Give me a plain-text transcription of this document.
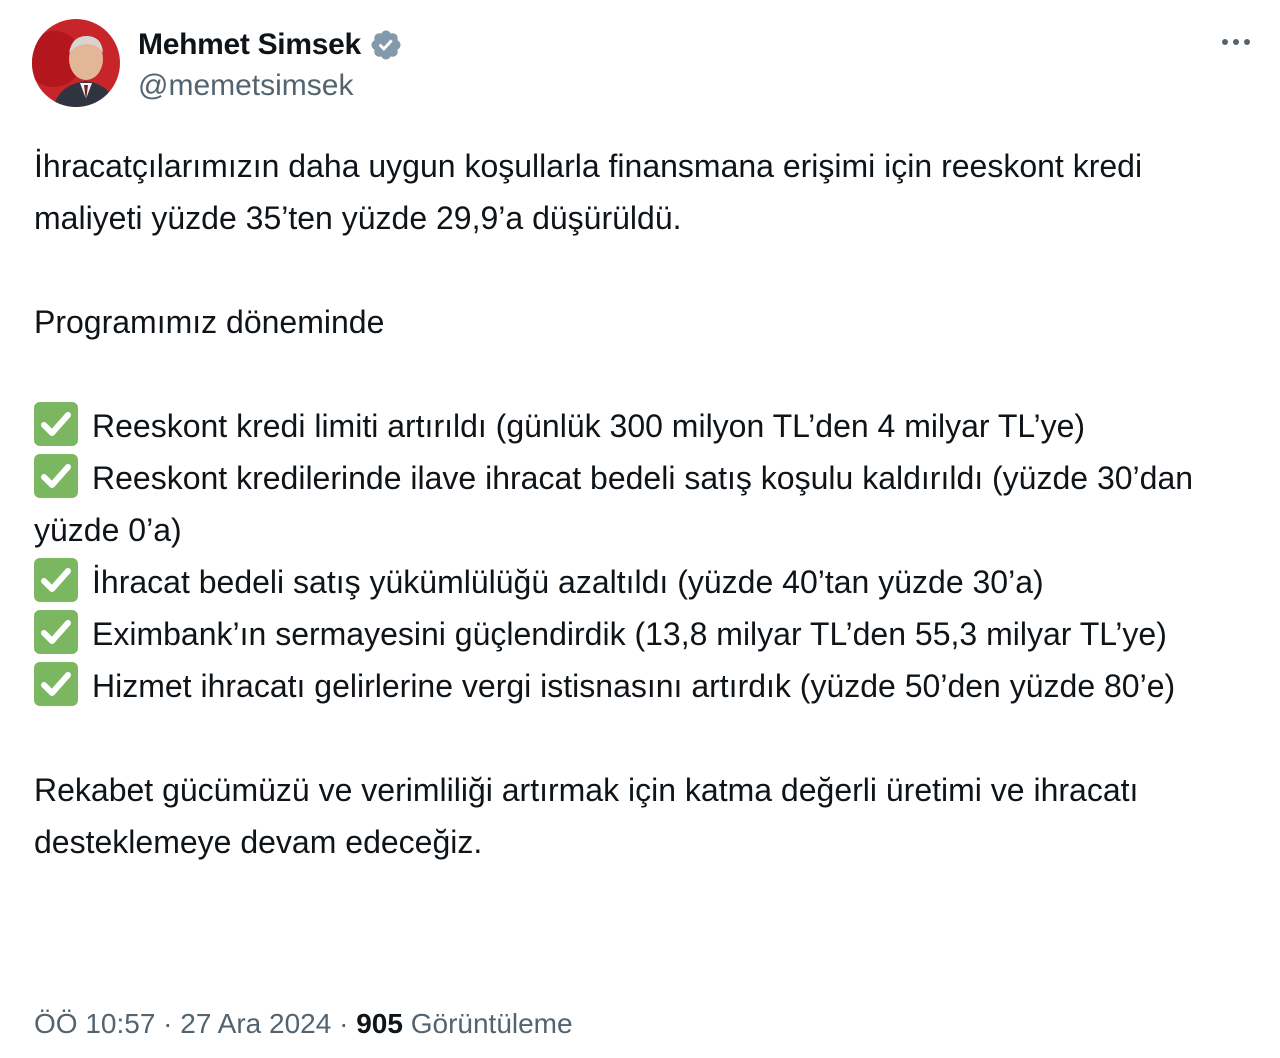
Mehmet Simsek
@memetsimsek

İhracatçılarımızın daha uygun koşullarla finansmana erişimi için reeskont kredi maliyeti yüzde 35’ten yüzde 29,9’a düşürüldü.

Programımız döneminde

Reeskont kredi limiti artırıldı (günlük 300 milyon TL’den 4 milyar TL’ye)

Reeskont kredilerinde ilave ihracat bedeli satış koşulu kaldırıldı (yüzde 30’dan yüzde 0’a)

İhracat bedeli satış yükümlülüğü azaltıldı (yüzde 40’tan yüzde 30’a)

Eximbank’ın sermayesini güçlendirdik (13,8 milyar TL’den 55,3 milyar TL’ye)

Hizmet ihracatı gelirlerine vergi istisnasını artırdık (yüzde 50’den yüzde 80’e)

Rekabet gücümüzü ve verimliliği artırmak için katma değerli üretimi ve ihracatı desteklemeye devam edeceğiz.

ÖÖ 10:57 · 27 Ara 2024 · 905 Görüntüleme
